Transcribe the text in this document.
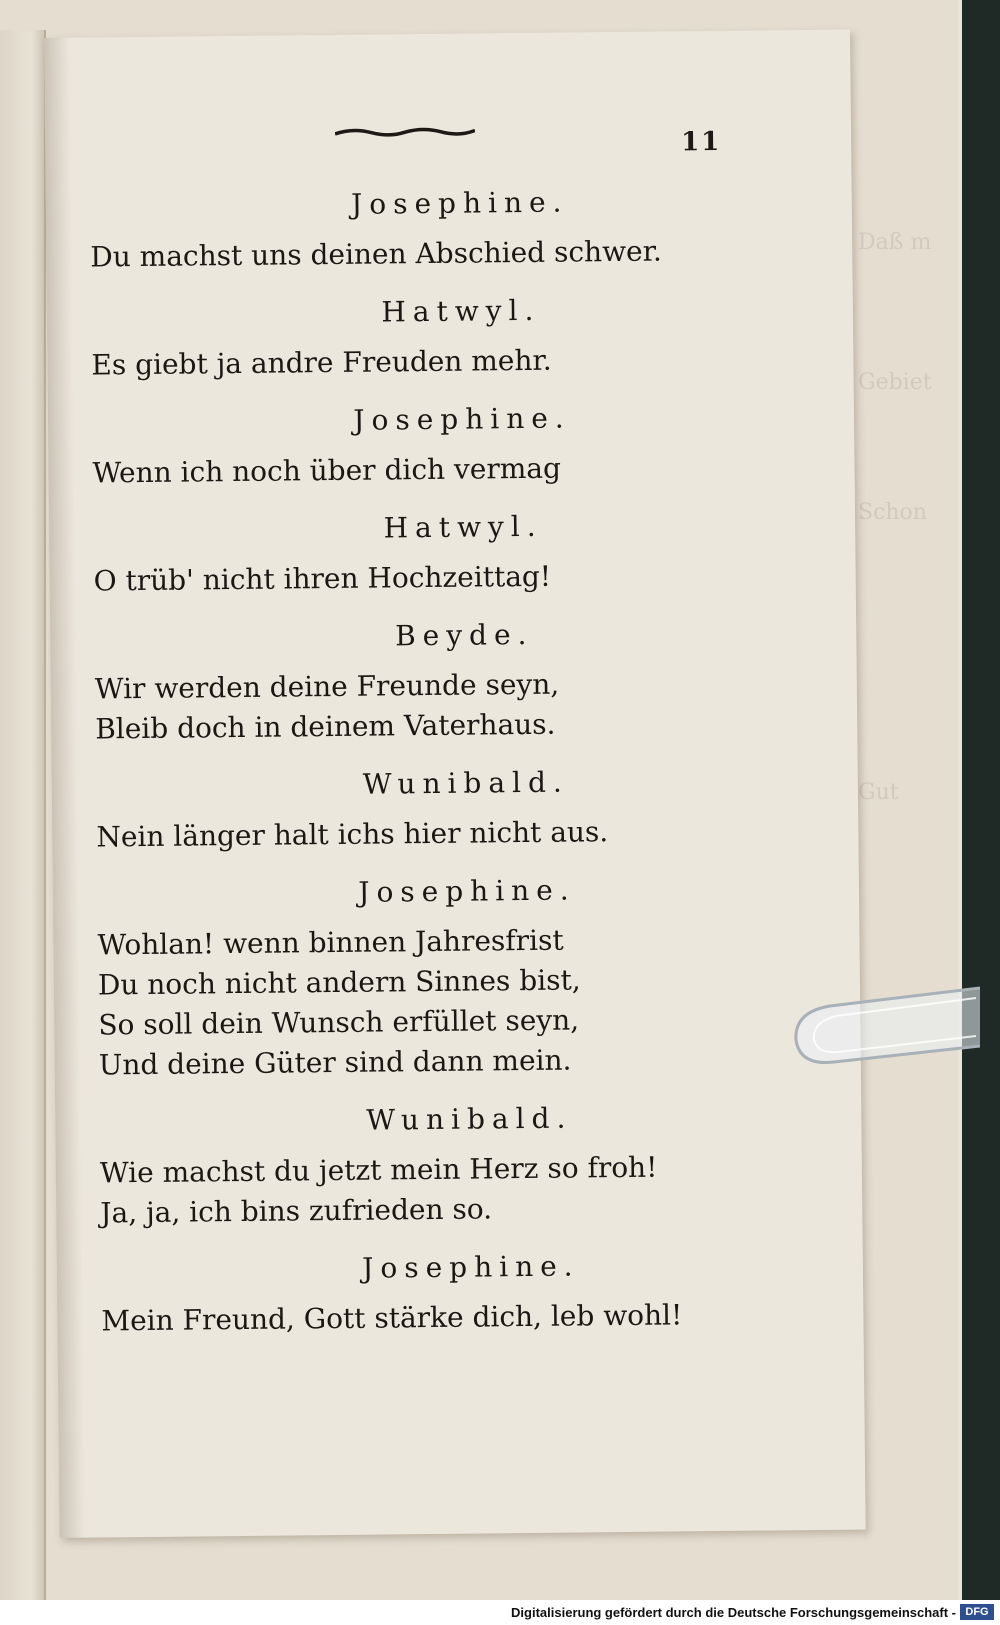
Daß m
Gebiet
Schon
Gut
11
Josephine.
Du machst uns deinen Abschied schwer.
Hatwyl.
Es giebt ja andre Freuden mehr.
Josephine.
Wenn ich noch über dich vermag
Hatwyl.
O trüb' nicht ihren Hochzeittag!
Beyde.
Wir werden deine Freunde seyn,
Bleib doch in deinem Vaterhaus.
Wunibald.
Nein länger halt ichs hier nicht aus.
Josephine.
Wohlan! wenn binnen Jahresfrist
Du noch nicht andern Sinnes bist,
So soll dein Wunsch erfüllet seyn,
Und deine Güter sind dann mein.
Wunibald.
Wie machst du jetzt mein Herz so froh!
Ja, ja, ich bins zufrieden so.
Josephine.
Mein Freund, Gott stärke dich, leb wohl!
Digitalisierung gefördert durch die Deutsche Forschungsgemeinschaft - DFG
